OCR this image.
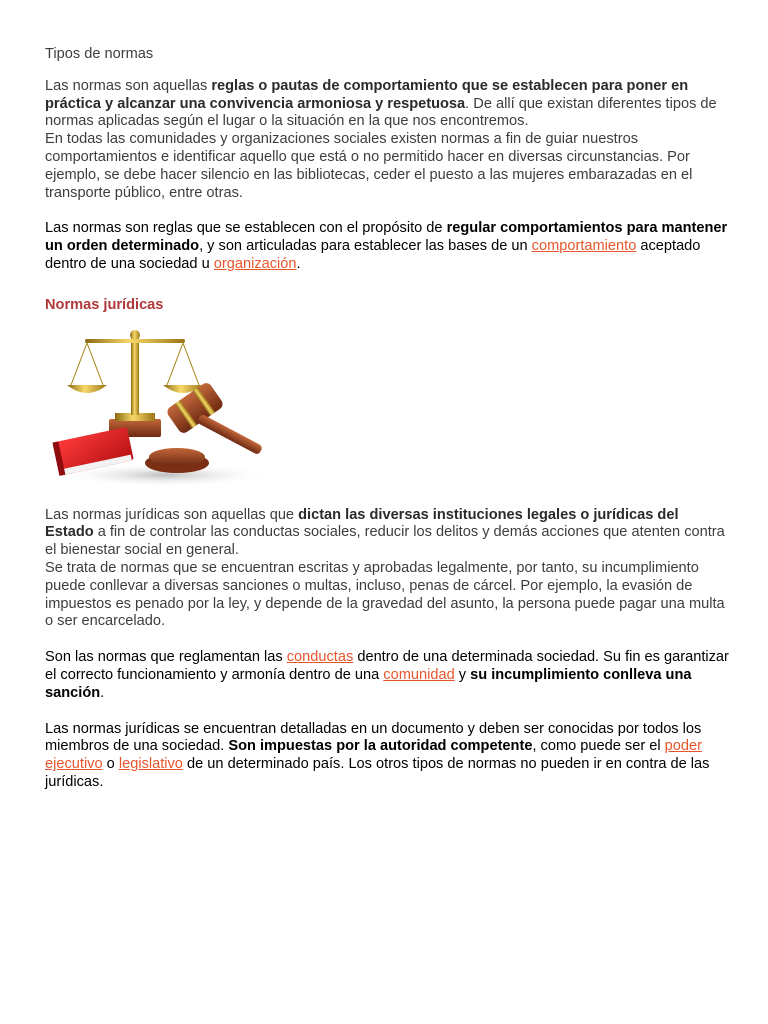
Tipos de normas

Las normas son aquellas reglas o pautas de comportamiento que se establecen para poner en práctica y alcanzar una convivencia armoniosa y respetuosa. De allí que existan diferentes tipos de normas aplicadas según el lugar o la situación en la que nos encontremos.

En todas las comunidades y organizaciones sociales existen normas a fin de guiar nuestros comportamientos e identificar aquello que está o no permitido hacer en diversas circunstancias. Por ejemplo, se debe hacer silencio en las bibliotecas, ceder el puesto a las mujeres embarazadas en el transporte público, entre otras.

Las normas son reglas que se establecen con el propósito de regular comportamientos para mantener un orden determinado, y son articuladas para establecer las bases de un comportamiento aceptado dentro de una sociedad u organización.

Normas jurídicas

Las normas jurídicas son aquellas que dictan las diversas instituciones legales o jurídicas del Estado a fin de controlar las conductas sociales, reducir los delitos y demás acciones que atenten contra el bienestar social en general.

Se trata de normas que se encuentran escritas y aprobadas legalmente, por tanto, su incumplimiento puede conllevar a diversas sanciones o multas, incluso, penas de cárcel. Por ejemplo, la evasión de impuestos es penado por la ley, y depende de la gravedad del asunto, la persona puede pagar una multa o ser encarcelado.

Son las normas que reglamentan las conductas dentro de una determinada sociedad. Su fin es garantizar el correcto funcionamiento y armonía dentro de una comunidad y su incumplimiento conlleva una sanción.

Las normas jurídicas se encuentran detalladas en un documento y deben ser conocidas por todos los miembros de una sociedad. Son impuestas por la autoridad competente, como puede ser el poder ejecutivo o legislativo de un determinado país. Los otros tipos de normas no pueden ir en contra de las jurídicas.
